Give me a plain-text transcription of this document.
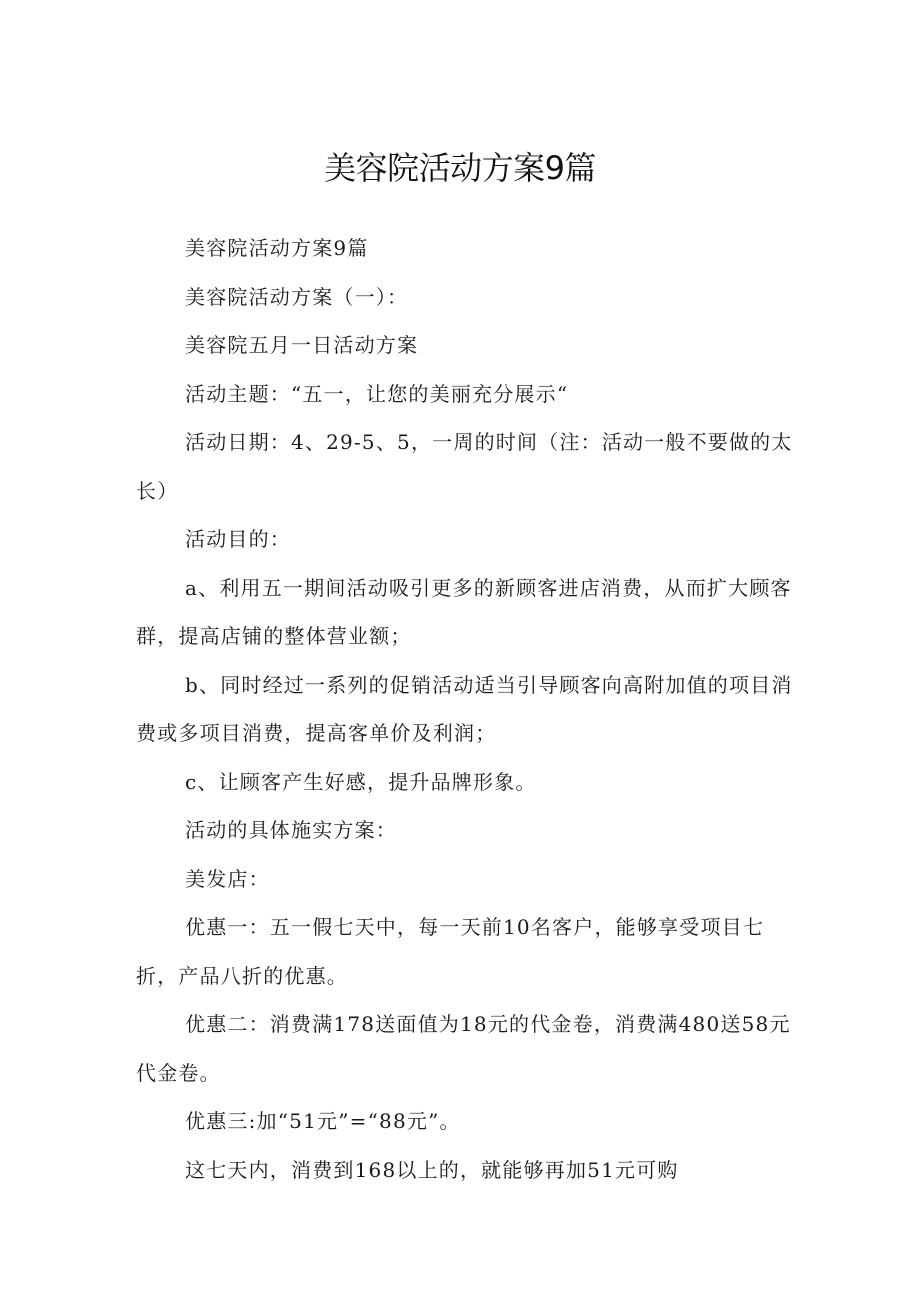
美容院活动方案9篇

美容院活动方案9篇

美容院活动方案（一）：

美容院五月一日活动方案

活动主题：“五一，让您的美丽充分展示“

活动日期：4、29-5、5，一周的时间（注：活动一般不要做的太长）

活动目的：

a、利用五一期间活动吸引更多的新顾客进店消费，从而扩大顾客群，提高店铺的整体营业额；

b、同时经过一系列的促销活动适当引导顾客向高附加值的项目消费或多项目消费，提高客单价及利润；

c、让顾客产生好感，提升品牌形象。

活动的具体施实方案：

美发店：

优惠一：五一假七天中，每一天前10名客户，能够享受项目七折，产品八折的优惠。

优惠二：消费满178送面值为18元的代金卷，消费满480送58元代金卷。

优惠三:加“51元”=“88元”。

这七天内，消费到168以上的，就能够再加51元可购
